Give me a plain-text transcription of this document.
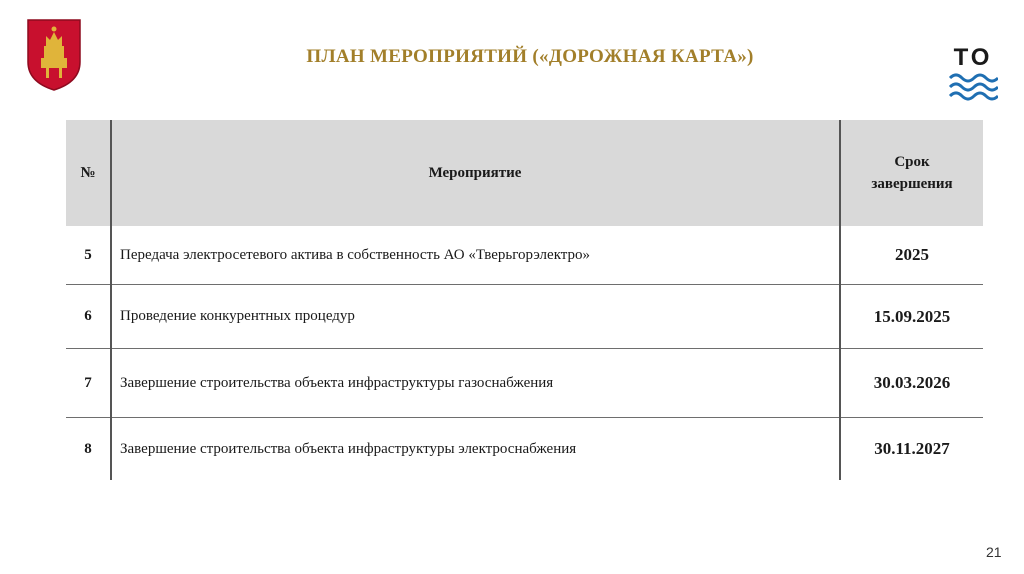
ПЛАН МЕРОПРИЯТИЙ («ДОРОЖНАЯ КАРТА»)	ТО
№	Мероприятие	Срок
завершения
5	Передача электросетевого актива в собственность АО «Тверьгорэлектро»	2025
6	Проведение конкурентных процедур	15.09.2025
7	Завершение строительства объекта инфраструктуры газоснабжения	30.03.2026
8	Завершение строительства объекта инфраструктуры электроснабжения	30.11.2027
21
